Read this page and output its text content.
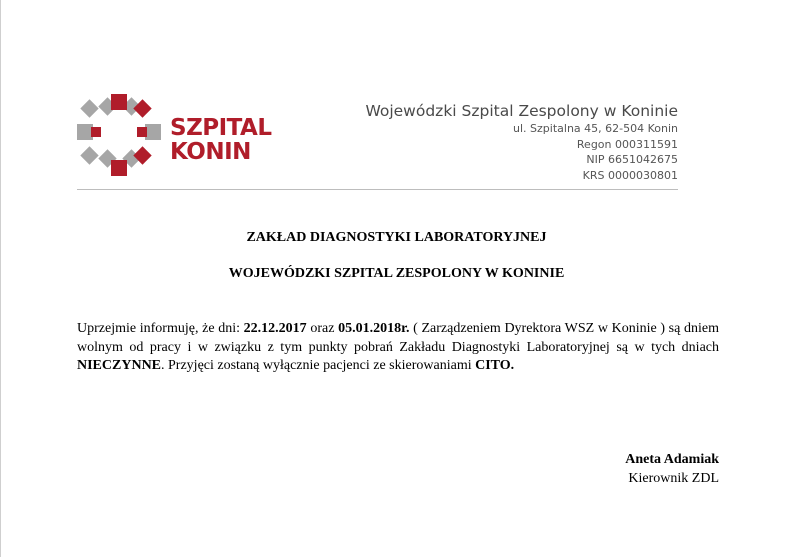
SZPITAL
KONIN
Wojewódzki Szpital Zespolony w Koninie
ul. Szpitalna 45, 62-504 Konin
Regon 000311591
NIP 6651042675
KRS 0000030801
ZAKŁAD DIAGNOSTYKI LABORATORYJNEJ
WOJEWÓDZKI SZPITAL ZESPOLONY W KONINIE
Uprzejmie informuję, że dni: 22.12.2017 oraz 05.01.2018r. ( Zarządzeniem Dyrektora WSZ w Koninie ) są dniem wolnym od pracy i w związku z tym punkty pobrań Zakładu Diagnostyki Laboratoryjnej są w tych dniach NIECZYNNE. Przyjęci zostaną wyłącznie pacjenci ze skierowaniami CITO.
Aneta Adamiak
Kierownik ZDL
